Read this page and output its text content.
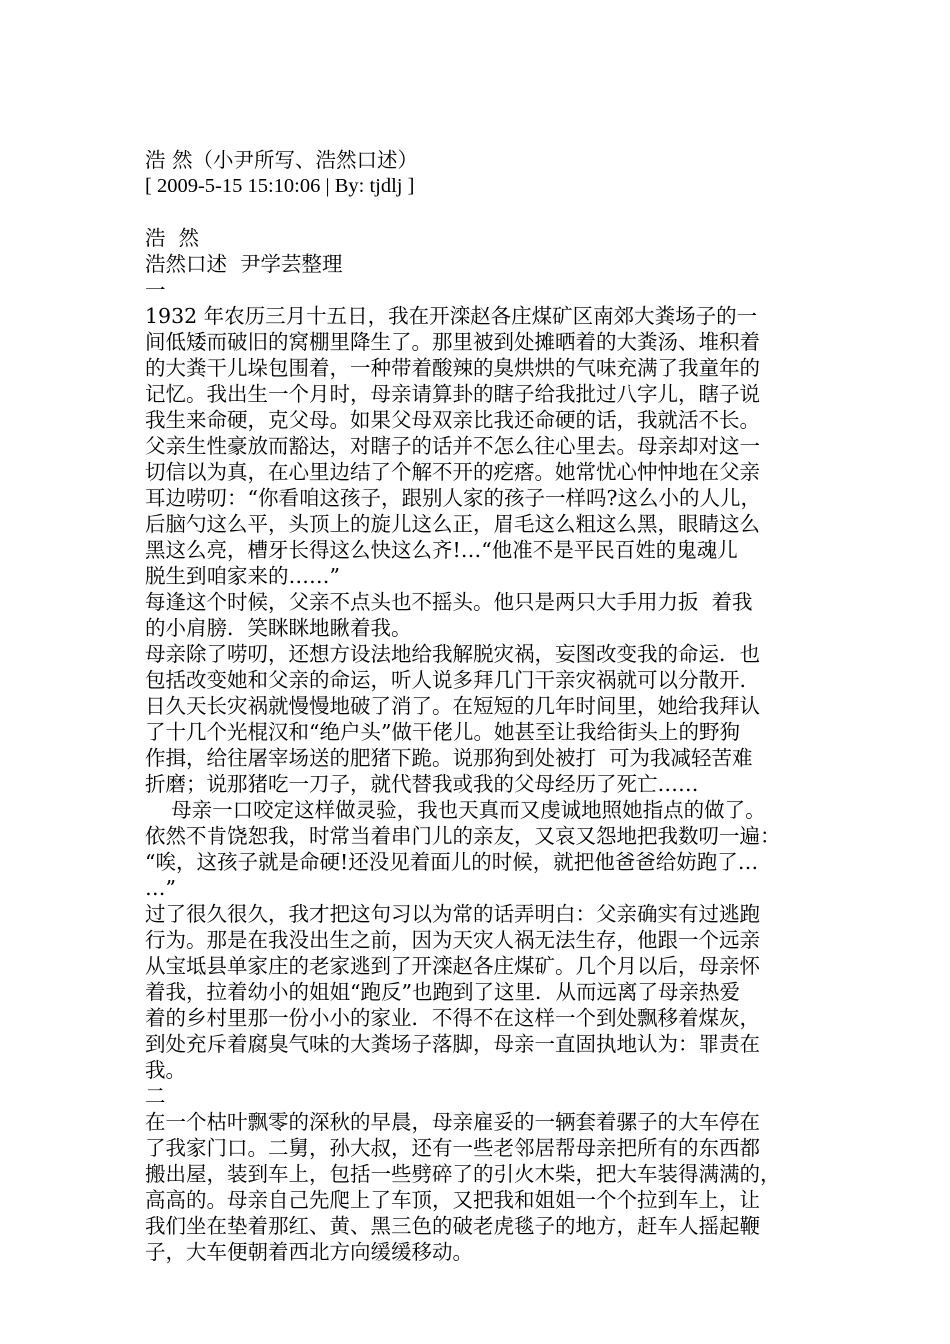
浩 然（小尹所写、浩然口述）
[ 2009-5-15 15:10:06 | By: tjdlj ]
浩  然
浩然口述  尹学芸整理
一
1932 年农历三月十五日，我在开滦赵各庄煤矿区南郊大粪场子的一
间低矮而破旧的窝棚里降生了。那里被到处摊晒着的大粪汤、堆积着
的大粪干儿垛包围着，一种带着酸辣的臭烘烘的气味充满了我童年的
记忆。我出生一个月时，母亲请算卦的瞎子给我批过八字儿，瞎子说
我生来命硬，克父母。如果父母双亲比我还命硬的话，我就活不长。
父亲生性豪放而豁达，对瞎子的话并不怎么往心里去。母亲却对这一
切信以为真，在心里边结了个解不开的疙瘩。她常忧心忡忡地在父亲
耳边唠叨：“你看咱这孩子，跟别人家的孩子一样吗?这么小的人儿，
后脑勺这么平，头顶上的旋儿这么正，眉毛这么粗这么黑，眼睛这么
黑这么亮，槽牙长得这么快这么齐!…“他准不是平民百姓的鬼魂儿
脱生到咱家来的……”
每逢这个时候，父亲不点头也不摇头。他只是两只大手用力扳  着我
的小肩膀．笑眯眯地瞅着我。
母亲除了唠叨，还想方设法地给我解脱灾祸，妄图改变我的命运．也
包括改变她和父亲的命运，听人说多拜几门干亲灾祸就可以分散开.
日久天长灾祸就慢慢地破了消了。在短短的几年时间里，她给我拜认
了十几个光棍汉和“绝户头”做干佬儿。她甚至让我给街头上的野狗
作揖，给往屠宰场送的肥猪下跪。说那狗到处被打  可为我减轻苦难
折磨；说那猪吃一刀子，就代替我或我的父母经历了死亡……
母亲一口咬定这样做灵验，我也天真而又虔诚地照她指点的做了。
依然不肯饶恕我，时常当着串门儿的亲友，又哀又怨地把我数叨一遍：
“唉，这孩子就是命硬!还没见着面儿的时候，就把他爸爸给妨跑了…
…”
过了很久很久，我才把这句习以为常的话弄明白：父亲确实有过逃跑
行为。那是在我没出生之前，因为天灾人祸无法生存，他跟一个远亲
从宝坻县单家庄的老家逃到了开滦赵各庄煤矿。几个月以后，母亲怀
着我，拉着幼小的姐姐“跑反”也跑到了这里．从而远离了母亲热爱
着的乡村里那一份小小的家业．不得不在这样一个到处飘移着煤灰，
到处充斥着腐臭气味的大粪场子落脚，母亲一直固执地认为：罪责在
我。
二
在一个枯叶飘零的深秋的早晨，母亲雇妥的一辆套着骡子的大车停在
了我家门口。二舅，孙大叔，还有一些老邻居帮母亲把所有的东西都
搬出屋，装到车上，包括一些劈碎了的引火木柴，把大车装得满满的，
高高的。母亲自己先爬上了车顶，又把我和姐姐一个个拉到车上，让
我们坐在垫着那红、黄、黑三色的破老虎毯子的地方，赶车人摇起鞭
子，大车便朝着西北方向缓缓移动。
